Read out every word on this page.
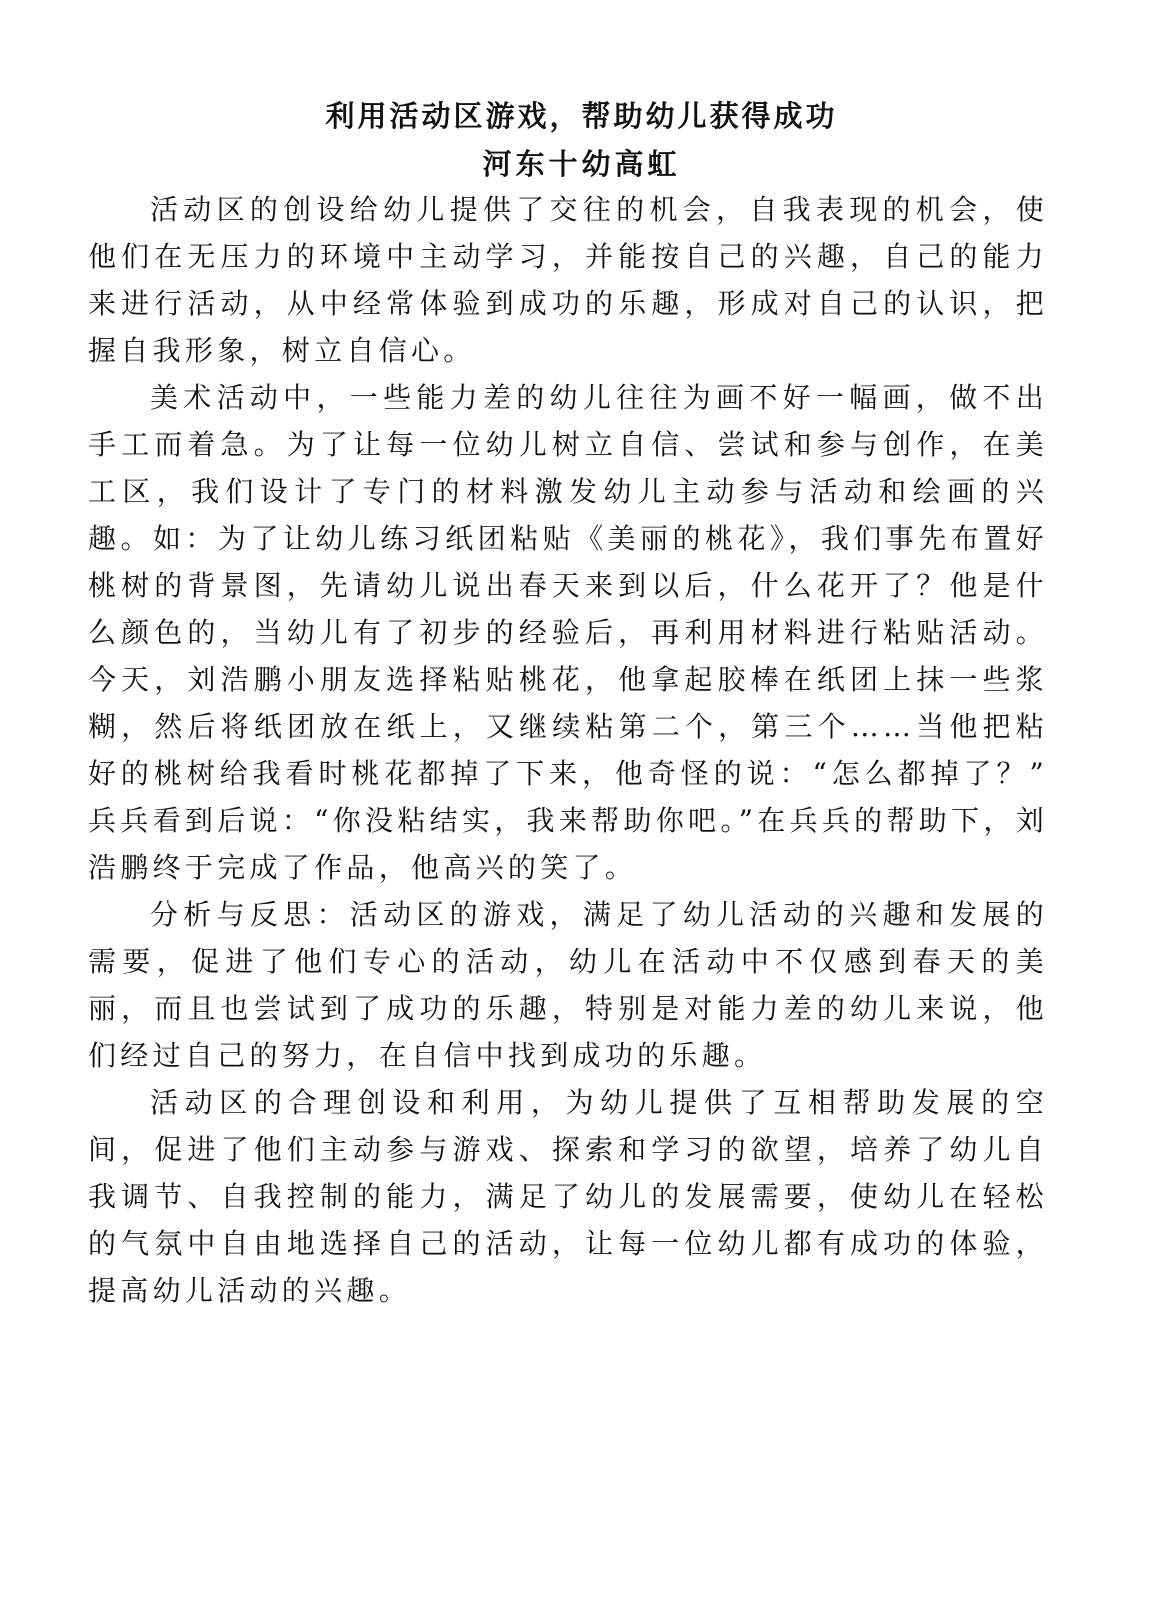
利用活动区游戏，帮助幼儿获得成功
河东十幼高虹

活动区的创设给幼儿提供了交往的机会，自我表现的机会，使他们在无压力的环境中主动学习，并能按自己的兴趣，自己的能力来进行活动，从中经常体验到成功的乐趣，形成对自己的认识，把握自我形象，树立自信心。

美术活动中，一些能力差的幼儿往往为画不好一幅画，做不出手工而着急。为了让每一位幼儿树立自信、尝试和参与创作，在美工区，我们设计了专门的材料激发幼儿主动参与活动和绘画的兴趣。如：为了让幼儿练习纸团粘贴《美丽的桃花》，我们事先布置好桃树的背景图，先请幼儿说出春天来到以后，什么花开了？他是什么颜色的，当幼儿有了初步的经验后，再利用材料进行粘贴活动。今天，刘浩鹏小朋友选择粘贴桃花，他拿起胶棒在纸团上抹一些浆糊，然后将纸团放在纸上，又继续粘第二个，第三个……当他把粘好的桃树给我看时桃花都掉了下来，他奇怪的说：“怎么都掉了？” 兵兵看到后说：“你没粘结实，我来帮助你吧。”在兵兵的帮助下，刘浩鹏终于完成了作品，他高兴的笑了。

分析与反思：活动区的游戏，满足了幼儿活动的兴趣和发展的需要，促进了他们专心的活动，幼儿在活动中不仅感到春天的美丽，而且也尝试到了成功的乐趣，特别是对能力差的幼儿来说，他们经过自己的努力，在自信中找到成功的乐趣。

活动区的合理创设和利用，为幼儿提供了互相帮助发展的空间，促进了他们主动参与游戏、探索和学习的欲望，培养了幼儿自我调节、自我控制的能力，满足了幼儿的发展需要，使幼儿在轻松的气氛中自由地选择自己的活动，让每一位幼儿都有成功的体验，提高幼儿活动的兴趣。
